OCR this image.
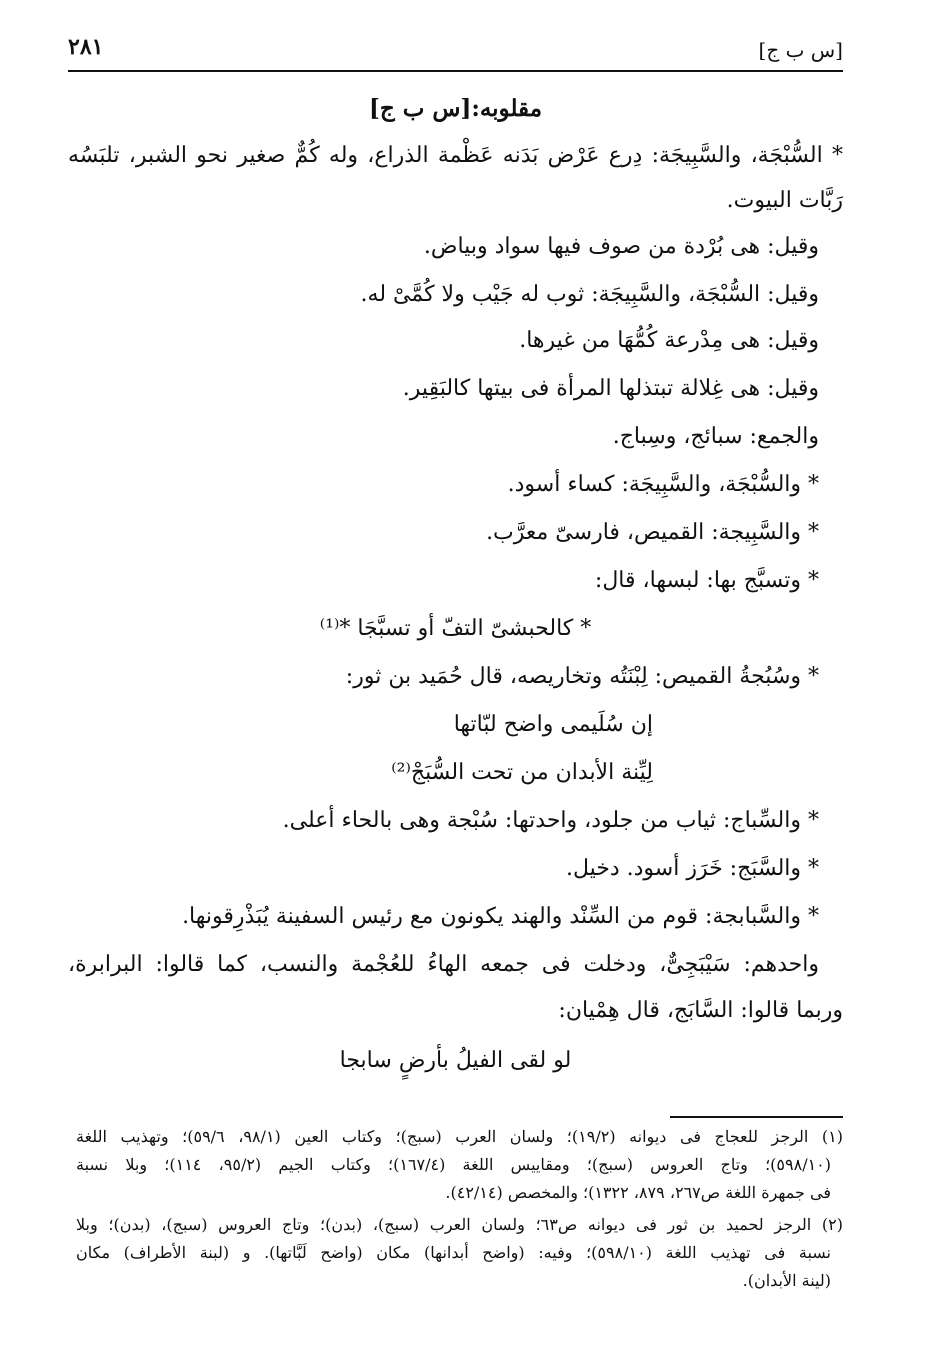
[س ب ج]
٢٨١
مقلوبه:[س ب ج]
* السُّبْجَة، والسَّبِيجَة: دِرع عَرْض بَدَنه عَظْمة الذراع، وله كُمٌّ صغير نحو الشبر، تلبَسُه
رَبَّات البيوت.
وقيل: هى بُرْدة من صوف فيها سواد وبياض.
وقيل: السُّبْجَة، والسَّبِيجَة: ثوب له جَيْب ولا كُمَّىْ له.
وقيل: هى مِدْرعة كُمُّهَا من غيرها.
وقيل: هى غِلالة تبتذلها المرأة فى بيتها كالبَقِير.
والجمع: سبائج، وسِباج.
* والسُّبْجَة، والسَّبِيجَة: كساء أسود.
* والسَّبِيجة: القميص، فارسىّ معرَّب.
* وتسبَّج بها: لبسها، قال:
* كالحبشىّ التفّ أو تسبَّجَا *⁽¹⁾
* وسُبُجةُ القميص: لِبْنَتُه وتخاريصه، قال حُمَيد بن ثور:
إن سُلَيمى واضح لبّاتها
لِيِّنة الأبدان من تحت السُّبَجْ⁽²⁾
* والسِّباج: ثياب من جلود، واحدتها: سُبْجة وهى بالحاء أعلى.
* والسَّبَج: خَرَز أسود. دخيل.
* والسَّبابجة: قوم من السِّنْد والهند يكونون مع رئيس السفينة يُبَذْرِقونها.
واحدهم: سَيْبَجِىٌّ، ودخلت فى جمعه الهاءُ للعُجْمة والنسب، كما قالوا: البرابرة،
وربما قالوا: السَّابَج، قال هِمْيان:
لو لقى الفيلُ بأرضٍ سابجا
(١) الرجز للعجاج فى ديوانه (١٩/٢)؛ ولسان العرب (سبج)؛ وكتاب العين (٩٨/١، ٥٩/٦)؛ وتهذيب اللغة
(٥٩٨/١٠)؛ وتاج العروس (سبج)؛ ومقاييس اللغة (١٦٧/٤)؛ وكتاب الجيم (٩٥/٢، ١١٤)؛ وبلا نسبة
فى جمهرة اللغة ص٢٦٧، ٨٧٩، ١٣٢٢)؛ والمخصص (٤٢/١٤).
(٢) الرجز لحميد بن ثور فى ديوانه ص٦٣؛ ولسان العرب (سبج)، (بدن)؛ وتاج العروس (سبج)، (بدن)؛ وبلا
نسبة فى تهذيب اللغة (٥٩٨/١٠)؛ وفيه: (واضح أبدانها) مكان (واضح لَبَّاتها). و (لبنة الأطراف) مكان
(لينة الأبدان).
